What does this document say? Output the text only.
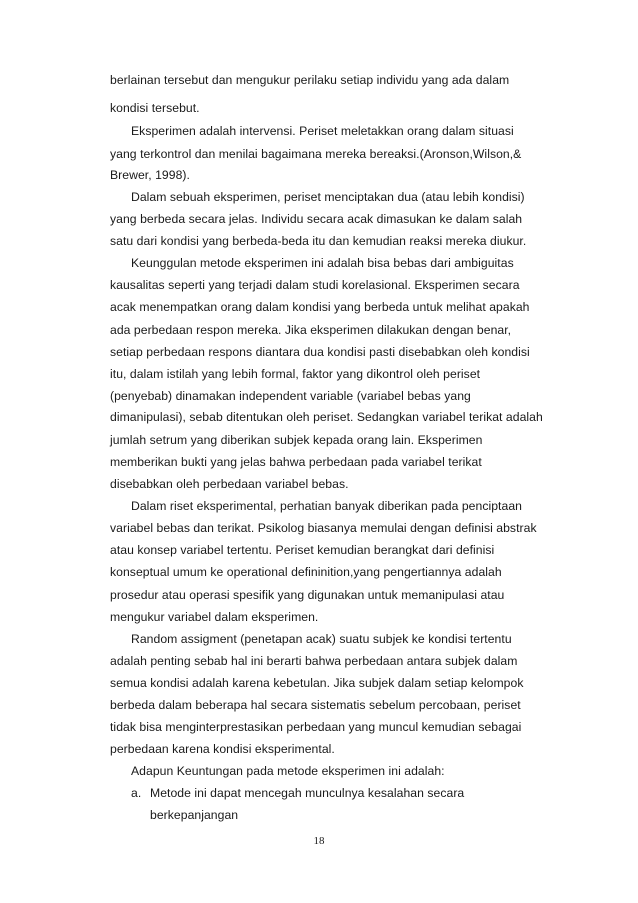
berlainan tersebut dan mengukur perilaku setiap individu yang ada dalam
kondisi tersebut.
Eksperimen adalah intervensi. Periset meletakkan orang dalam situasi
yang terkontrol dan menilai bagaimana mereka bereaksi.(Aronson,Wilson,&
Brewer, 1998).
Dalam sebuah eksperimen, periset menciptakan dua (atau lebih kondisi)
yang berbeda secara jelas. Individu secara acak dimasukan ke dalam salah
satu dari kondisi yang berbeda-beda itu dan kemudian reaksi mereka diukur.
Keunggulan metode eksperimen ini adalah bisa bebas dari ambiguitas
kausalitas seperti yang terjadi dalam studi korelasional. Eksperimen secara
acak menempatkan orang dalam kondisi yang berbeda untuk melihat apakah
ada perbedaan respon mereka. Jika eksperimen dilakukan dengan benar,
setiap perbedaan respons diantara dua kondisi pasti disebabkan oleh kondisi
itu, dalam istilah yang lebih formal, faktor yang dikontrol oleh periset
(penyebab) dinamakan independent variable (variabel bebas yang
dimanipulasi), sebab ditentukan oleh periset. Sedangkan variabel terikat adalah
jumlah setrum yang diberikan subjek kepada orang lain. Eksperimen
memberikan bukti yang jelas bahwa perbedaan pada variabel terikat
disebabkan oleh perbedaan variabel bebas.
Dalam riset eksperimental, perhatian banyak diberikan pada penciptaan
variabel bebas dan terikat. Psikolog biasanya memulai dengan definisi abstrak
atau konsep variabel tertentu. Periset kemudian berangkat dari definisi
konseptual umum ke operational defininition,yang pengertiannya adalah
prosedur atau operasi spesifik yang digunakan untuk memanipulasi atau
mengukur variabel dalam eksperimen.
Random assigment (penetapan acak) suatu subjek ke kondisi tertentu
adalah penting sebab hal ini berarti bahwa perbedaan antara subjek dalam
semua kondisi adalah karena kebetulan. Jika subjek dalam setiap kelompok
berbeda dalam beberapa hal secara sistematis sebelum percobaan, periset
tidak bisa menginterprestasikan perbedaan yang muncul kemudian sebagai
perbedaan karena kondisi eksperimental.
Adapun Keuntungan pada metode eksperimen ini adalah:
a. Metode ini dapat mencegah munculnya kesalahan secara
berkepanjangan
18
